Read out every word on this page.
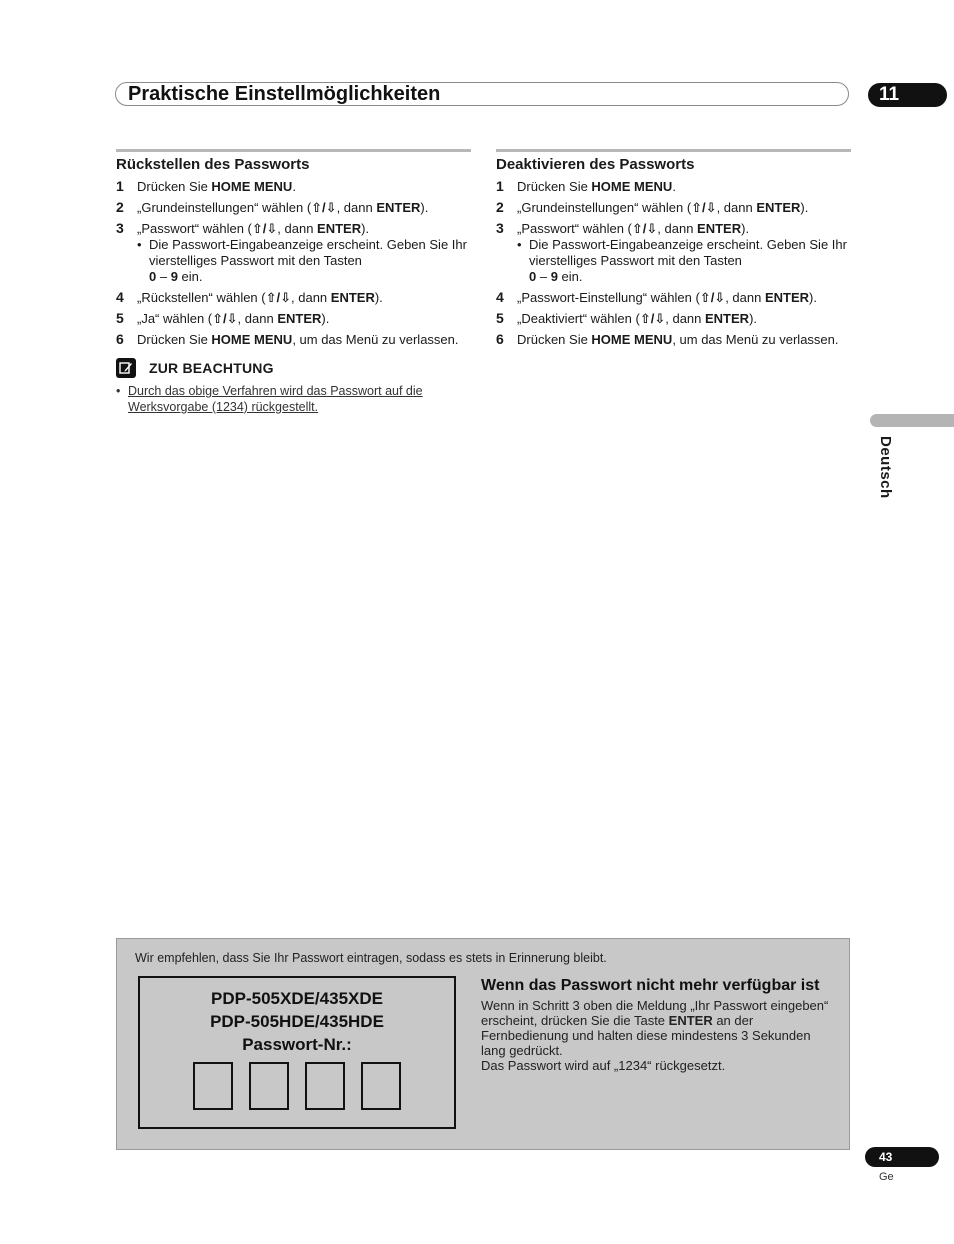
Praktische Einstellmöglichkeiten	11
Rückstellen des Passworts
1 Drücken Sie HOME MENU.
2 „Grundeinstellungen“ wählen (⇧/⇩, dann ENTER).
3 „Passwort“ wählen (⇧/⇩, dann ENTER).
• Die Passwort-Eingabeanzeige erscheint. Geben Sie Ihr vierstelliges Passwort mit den Tasten
0 – 9 ein.
4 „Rückstellen“ wählen (⇧/⇩, dann ENTER).
5 „Ja“ wählen (⇧/⇩, dann ENTER).
6 Drücken Sie HOME MENU, um das Menü zu verlassen.
ZUR BEACHTUNG
• Durch das obige Verfahren wird das Passwort auf die
Werksvorgabe (1234) rückgestellt.
Deaktivieren des Passworts
1 Drücken Sie HOME MENU.
2 „Grundeinstellungen“ wählen (⇧/⇩, dann ENTER).
3 „Passwort“ wählen (⇧/⇩, dann ENTER).
• Die Passwort-Eingabeanzeige erscheint. Geben Sie Ihr vierstelliges Passwort mit den Tasten
0 – 9 ein.
4 „Passwort-Einstellung“ wählen (⇧/⇩, dann ENTER).
5 „Deaktiviert“ wählen (⇧/⇩, dann ENTER).
6 Drücken Sie HOME MENU, um das Menü zu verlassen.
Deutsch
Wir empfehlen, dass Sie Ihr Passwort eintragen, sodass es stets in Erinnerung bleibt.
PDP-505XDE/435XDE
PDP-505HDE/435HDE
Passwort-Nr.:
Wenn das Passwort nicht mehr verfügbar ist
Wenn in Schritt 3 oben die Meldung „Ihr Passwort eingeben“ erscheint, drücken Sie die Taste ENTER an der Fernbedienung und halten diese mindestens 3 Sekunden lang gedrückt.
Das Passwort wird auf „1234“ rückgesetzt.
43
Ge
